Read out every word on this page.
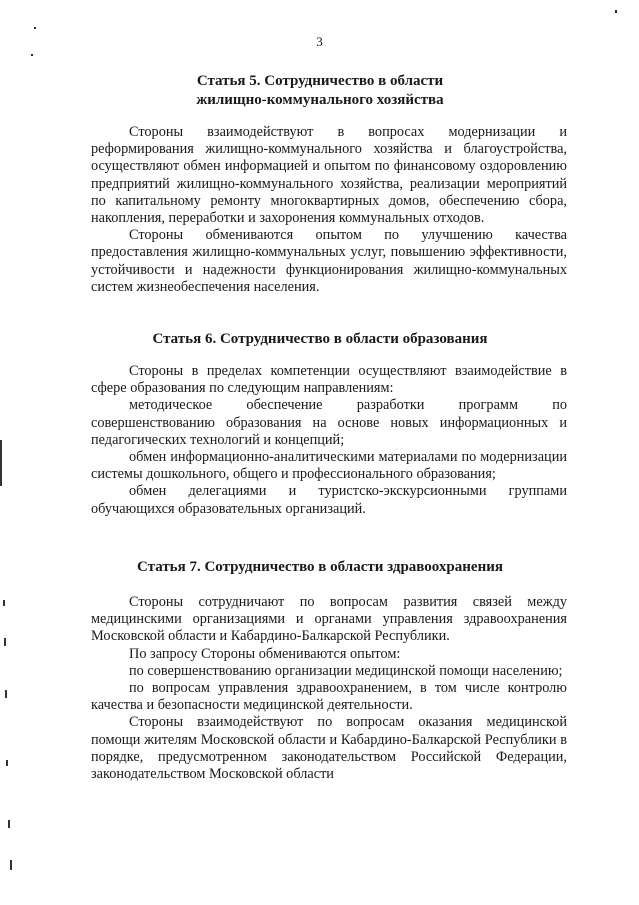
3
Статья 5. Сотрудничество в области
жилищно-коммунального хозяйства

Стороны взаимодействуют в вопросах модернизации и реформирования жилищно-коммунального хозяйства и благоустройства, осуществляют обмен информацией и опытом по финансовому оздоровлению предприятий жилищно-коммунального хозяйства, реализации мероприятий по капитальному ремонту многоквартирных домов, обеспечению сбора, накопления, переработки и захоронения коммунальных отходов.

Стороны обмениваются опытом по улучшению качества предоставления жилищно-коммунальных услуг, повышению эффективности, устойчивости и надежности функционирования жилищно-коммунальных систем жизнеобеспечения населения.

Статья 6. Сотрудничество в области образования

Стороны в пределах компетенции осуществляют взаимодействие в сфере образования по следующим направлениям:

методическое обеспечение разработки программ по совершенствованию образования на основе новых информационных и педагогических технологий и концепций;

обмен информационно-аналитическими материалами по модернизации системы дошкольного, общего и профессионального образования;

обмен делегациями и туристско-экскурсионными группами обучающихся образовательных организаций.

Статья 7. Сотрудничество в области здравоохранения

Стороны сотрудничают по вопросам развития связей между медицинскими организациями и органами управления здравоохранения Московской области и Кабардино-Балкарской Республики.

По запросу Стороны обмениваются опытом:

по совершенствованию организации медицинской помощи населению;

по вопросам управления здравоохранением, в том числе контролю качества и безопасности медицинской деятельности.

Стороны взаимодействуют по вопросам оказания медицинской помощи жителям Московской области и Кабардино-Балкарской Республики в порядке, предусмотренном законодательством Российской Федерации, законодательством Московской области
